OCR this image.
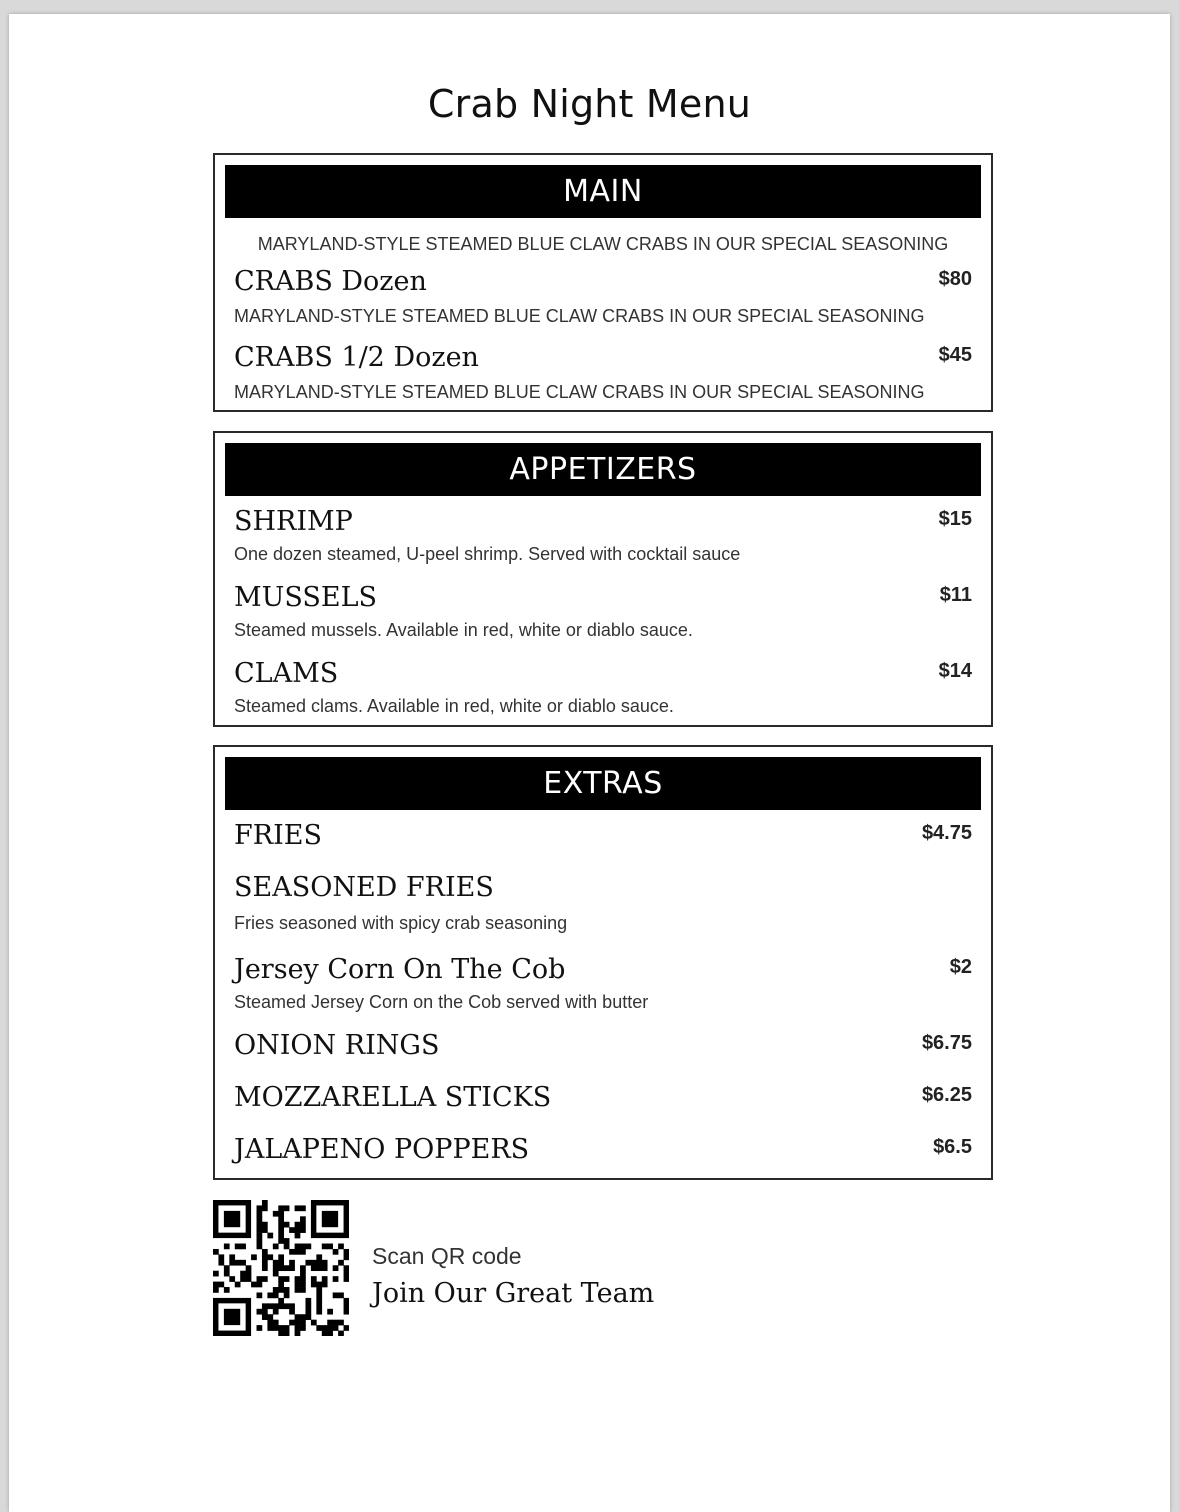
Crab Night Menu
MAIN
MARYLAND-STYLE STEAMED BLUE CLAW CRABS IN OUR SPECIAL SEASONING
CRABS Dozen	$80
MARYLAND-STYLE STEAMED BLUE CLAW CRABS IN OUR SPECIAL SEASONING
CRABS 1/2 Dozen	$45
MARYLAND-STYLE STEAMED BLUE CLAW CRABS IN OUR SPECIAL SEASONING
APPETIZERS
SHRIMP	$15
One dozen steamed, U-peel shrimp. Served with cocktail sauce
MUSSELS	$11
Steamed mussels. Available in red, white or diablo sauce.
CLAMS	$14
Steamed clams. Available in red, white or diablo sauce.
EXTRAS
FRIES	$4.75
SEASONED FRIES
Fries seasoned with spicy crab seasoning
Jersey Corn On The Cob	$2
Steamed Jersey Corn on the Cob served with butter
ONION RINGS	$6.75
MOZZARELLA STICKS	$6.25
JALAPENO POPPERS	$6.5
Scan QR code
Join Our Great Team
